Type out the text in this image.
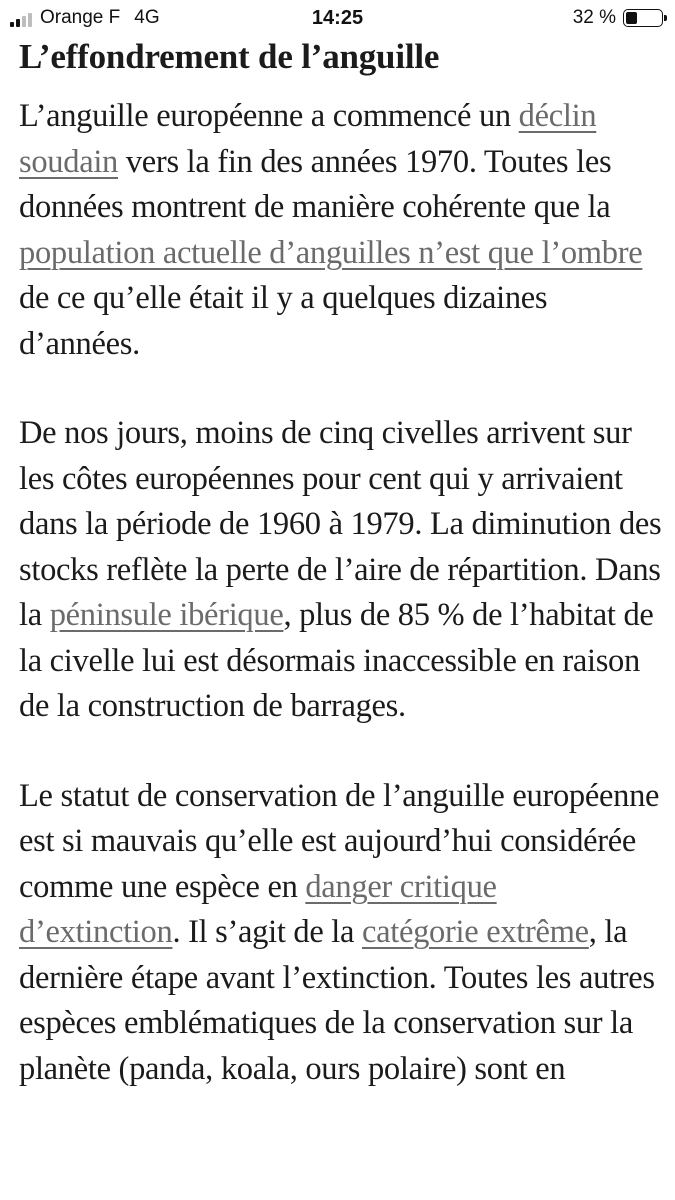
Orange F 4G	14:25	32 %
L’effondrement de l’anguille

L’anguille européenne a commencé un déclin soudain vers la fin des années 1970. Toutes les données montrent de manière cohérente que la population actuelle d’anguilles n’est que l’ombre de ce qu’elle était il y a quelques dizaines d’années.

De nos jours, moins de cinq civelles arrivent sur les côtes européennes pour cent qui y arrivaient dans la période de 1960 à 1979. La diminution des stocks reflète la perte de l’aire de répartition. Dans la péninsule ibérique, plus de 85 % de l’habitat de la civelle lui est désormais inaccessible en raison de la construction de barrages.

Le statut de conservation de l’anguille européenne est si mauvais qu’elle est aujourd’hui considérée comme une espèce en danger critique d’extinction. Il s’agit de la catégorie extrême, la dernière étape avant l’extinction. Toutes les autres espèces emblématiques de la conservation sur la planète (panda, koala, ours polaire) sont en
